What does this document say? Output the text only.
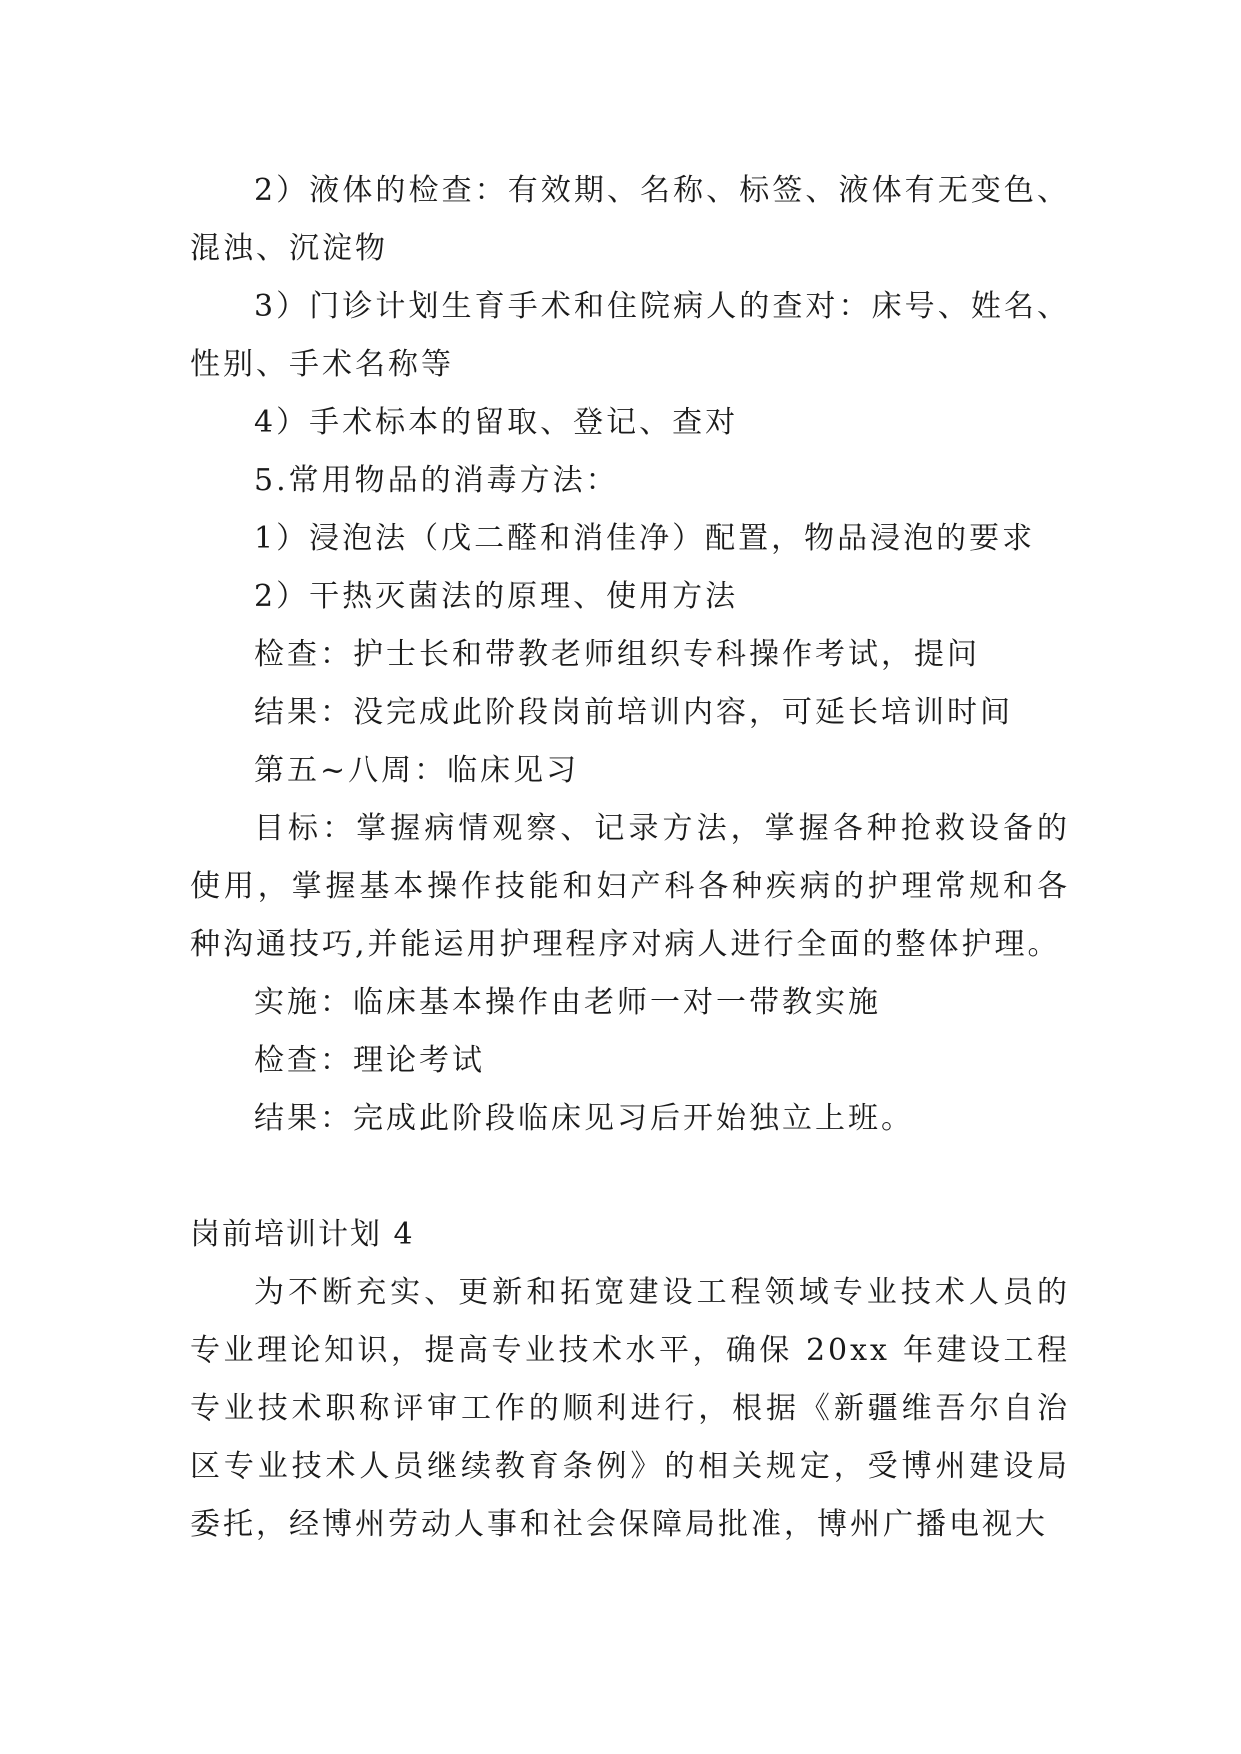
2）液体的检查：有效期、名称、标签、液体有无变色、混浊、沉淀物

3）门诊计划生育手术和住院病人的查对：床号、姓名、性别、手术名称等

4）手术标本的留取、登记、查对

5.常用物品的消毒方法：

1）浸泡法（戊二醛和消佳净）配置，物品浸泡的要求

2）干热灭菌法的原理、使用方法

检查：护士长和带教老师组织专科操作考试，提问

结果：没完成此阶段岗前培训内容，可延长培训时间

第五~八周：临床见习

目标：掌握病情观察、记录方法，掌握各种抢救设备的使用，掌握基本操作技能和妇产科各种疾病的护理常规和各种沟通技巧,并能运用护理程序对病人进行全面的整体护理。

实施：临床基本操作由老师一对一带教实施

检查：理论考试

结果：完成此阶段临床见习后开始独立上班。

岗前培训计划 4

为不断充实、更新和拓宽建设工程领域专业技术人员的专业理论知识，提高专业技术水平，确保 20xx 年建设工程专业技术职称评审工作的顺利进行，根据《新疆维吾尔自治区专业技术人员继续教育条例》的相关规定，受博州建设局委托，经博州劳动人事和社会保障局批准，博州广播电视大
